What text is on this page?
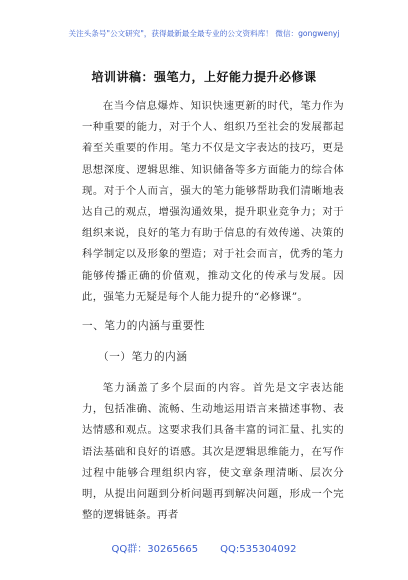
关注头条号"公文研究"，获得最新最全最专业的公文资料库！ 微信：gongwenyj
培训讲稿：强笔力，上好能力提升必修课

在当今信息爆炸、知识快速更新的时代，笔力作为一种重要的能力，对于个人、组织乃至社会的发展都起着至关重要的作用。笔力不仅是文字表达的技巧，更是思想深度、逻辑思维、知识储备等多方面能力的综合体现。对于个人而言，强大的笔力能够帮助我们清晰地表达自己的观点，增强沟通效果，提升职业竞争力；对于组织来说，良好的笔力有助于信息的有效传递、决策的科学制定以及形象的塑造；对于社会而言，优秀的笔力能够传播正确的价值观，推动文化的传承与发展。因此，强笔力无疑是每个人能力提升的“必修课”。

一、笔力的内涵与重要性
（一）笔力的内涵

笔力涵盖了多个层面的内容。首先是文字表达能力，包括准确、流畅、生动地运用语言来描述事物、表达情感和观点。这要求我们具备丰富的词汇量、扎实的语法基础和良好的语感。其次是逻辑思维能力，在写作过程中能够合理组织内容，使文章条理清晰、层次分明，从提出问题到分析问题再到解决问题，形成一个完整的逻辑链条。再者

QQ群：30265665 QQ:535304092
